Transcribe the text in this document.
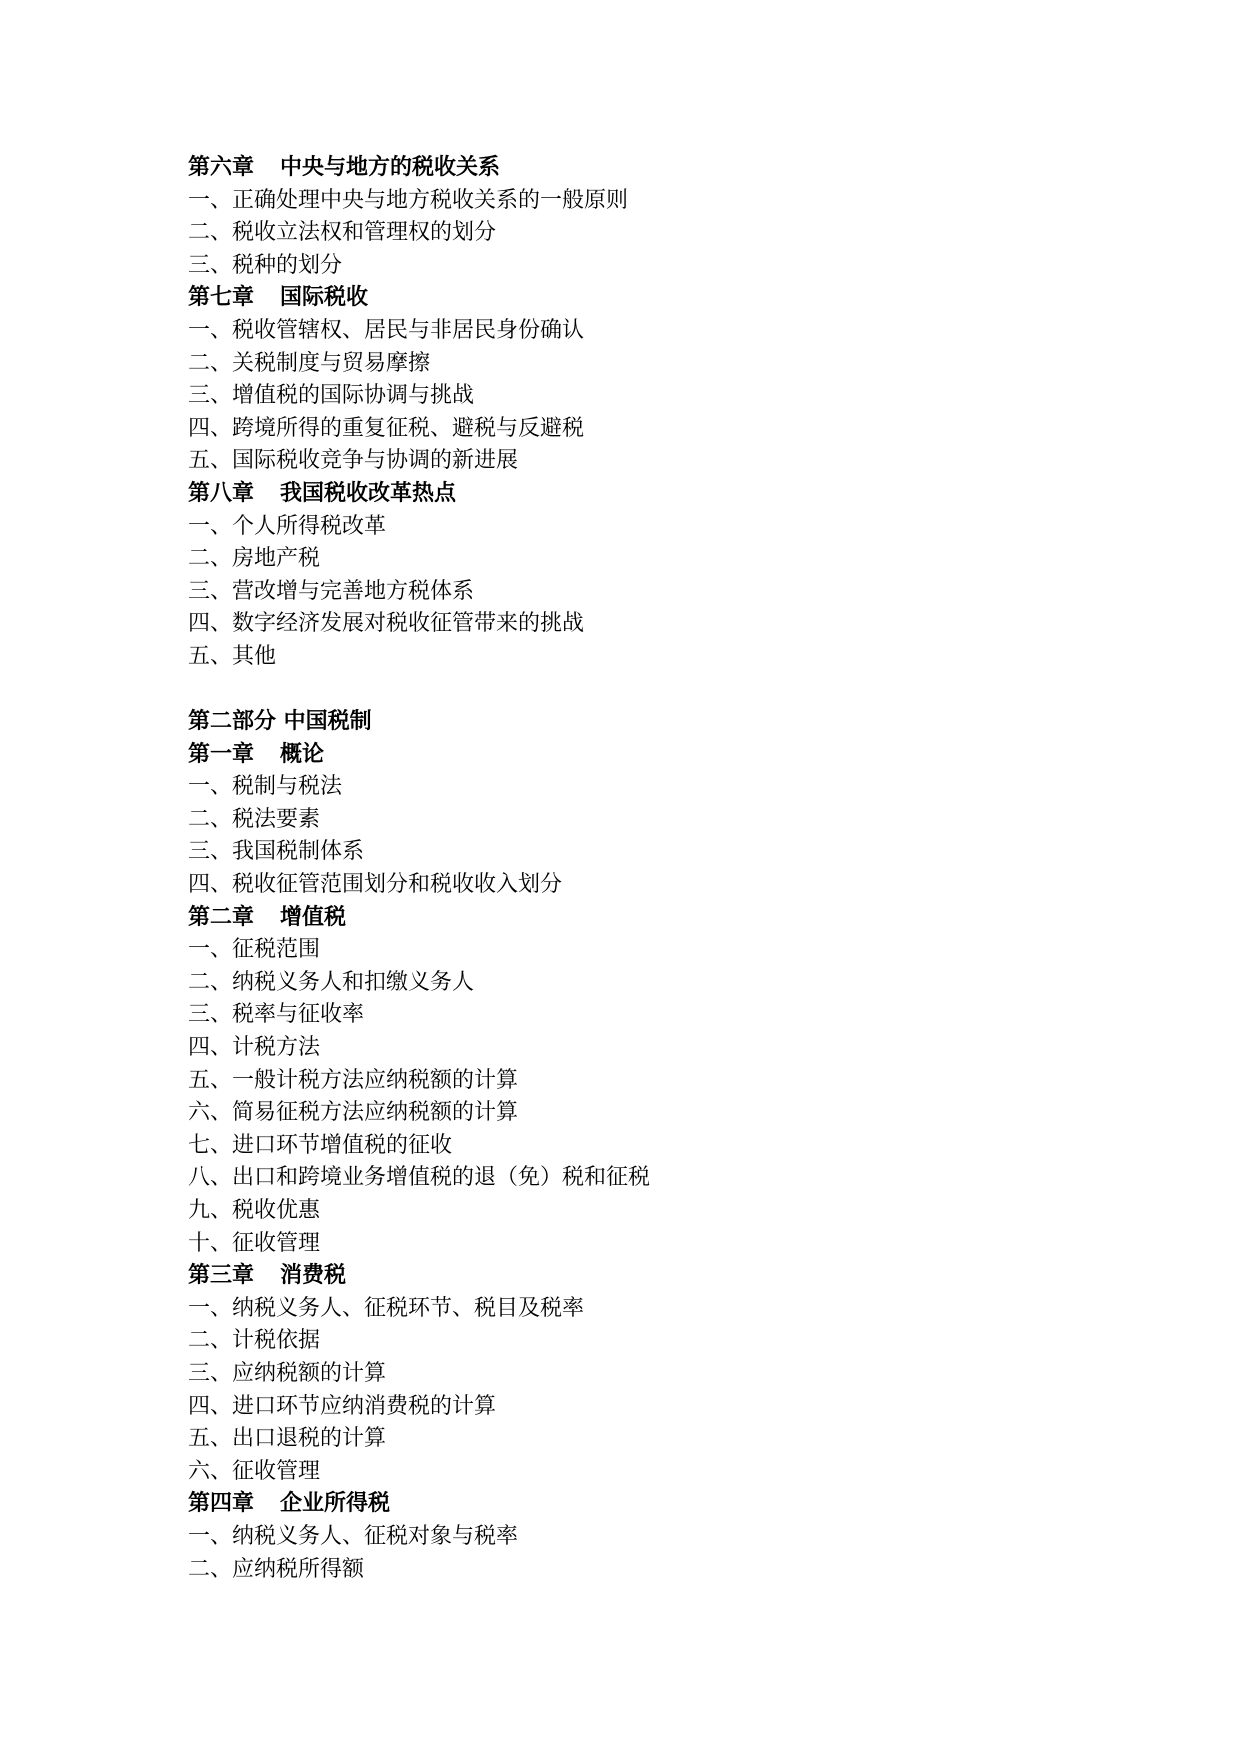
第六章 中央与地方的税收关系
一、正确处理中央与地方税收关系的一般原则
二、税收立法权和管理权的划分
三、税种的划分
第七章 国际税收
一、税收管辖权、居民与非居民身份确认
二、关税制度与贸易摩擦
三、增值税的国际协调与挑战
四、跨境所得的重复征税、避税与反避税
五、国际税收竞争与协调的新进展
第八章 我国税收改革热点
一、个人所得税改革
二、房地产税
三、营改增与完善地方税体系
四、数字经济发展对税收征管带来的挑战
五、其他
第二部分 中国税制
第一章 概论
一、税制与税法
二、税法要素
三、我国税制体系
四、税收征管范围划分和税收收入划分
第二章 增值税
一、征税范围
二、纳税义务人和扣缴义务人
三、税率与征收率
四、计税方法
五、一般计税方法应纳税额的计算
六、简易征税方法应纳税额的计算
七、进口环节增值税的征收
八、出口和跨境业务增值税的退（免）税和征税
九、税收优惠
十、征收管理
第三章 消费税
一、纳税义务人、征税环节、税目及税率
二、计税依据
三、应纳税额的计算
四、进口环节应纳消费税的计算
五、出口退税的计算
六、征收管理
第四章 企业所得税
一、纳税义务人、征税对象与税率
二、应纳税所得额
